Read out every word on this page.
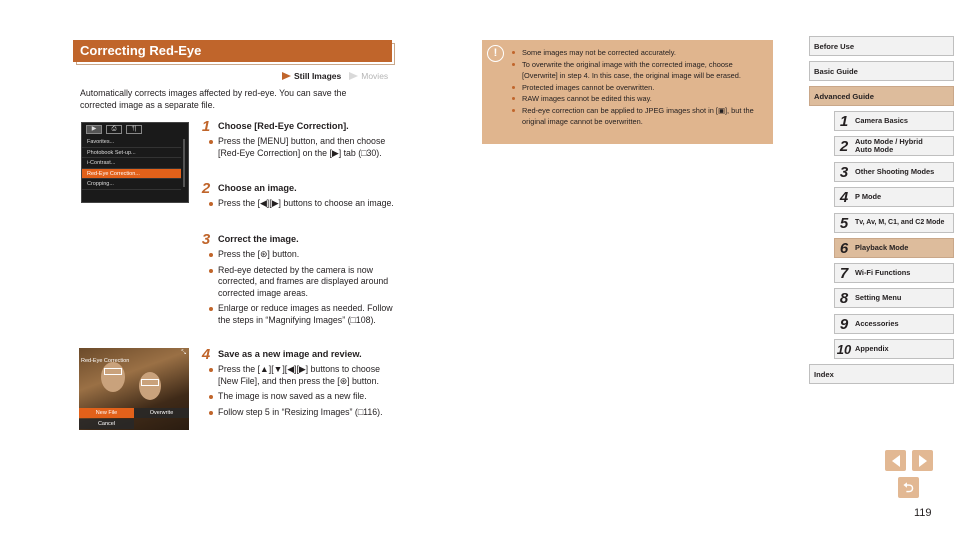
Correcting Red-Eye
Still Images Movies

Automatically corrects images affected by red-eye. You can save the corrected image as a separate file.

▶	⎙	†|
Favorites...
Photobook Set-up...
i-Contrast...
Red-Eye Correction...
Cropping...
Red-Eye Correction
⤡
New File	Overwrite
Cancel
1 Choose [Red-Eye Correction].
Press the [MENU] button, and then choose [Red-Eye Correction] on the [▶] tab (□30).
2 Choose an image.
Press the [◀][▶] buttons to choose an image.
3 Correct the image.
Press the [⊛] button.
Red-eye detected by the camera is now corrected, and frames are displayed around corrected image areas.
Enlarge or reduce images as needed. Follow the steps in “Magnifying Images” (□108).
4 Save as a new image and review.
Press the [▲][▼][◀][▶] buttons to choose [New File], and then press the [⊛] button.
The image is now saved as a new file.
Follow step 5 in “Resizing Images” (□116).
!	Some images may not be corrected accurately.
To overwrite the original image with the corrected image, choose [Overwrite] in step 4. In this case, the original image will be erased.
Protected images cannot be overwritten.
RAW images cannot be edited this way.
Red-eye correction can be applied to JPEG images shot in [▣], but the original image cannot be overwritten.
Before Use
Basic Guide
Advanced Guide
1 Camera Basics
2 Auto Mode / Hybrid Auto Mode
3 Other Shooting Modes
4 P Mode
5 Tv, Av, M, C1, and C2 Mode
6 Playback Mode
7 Wi-Fi Functions
8 Setting Menu
9 Accessories
10 Appendix
Index
⮌
119
